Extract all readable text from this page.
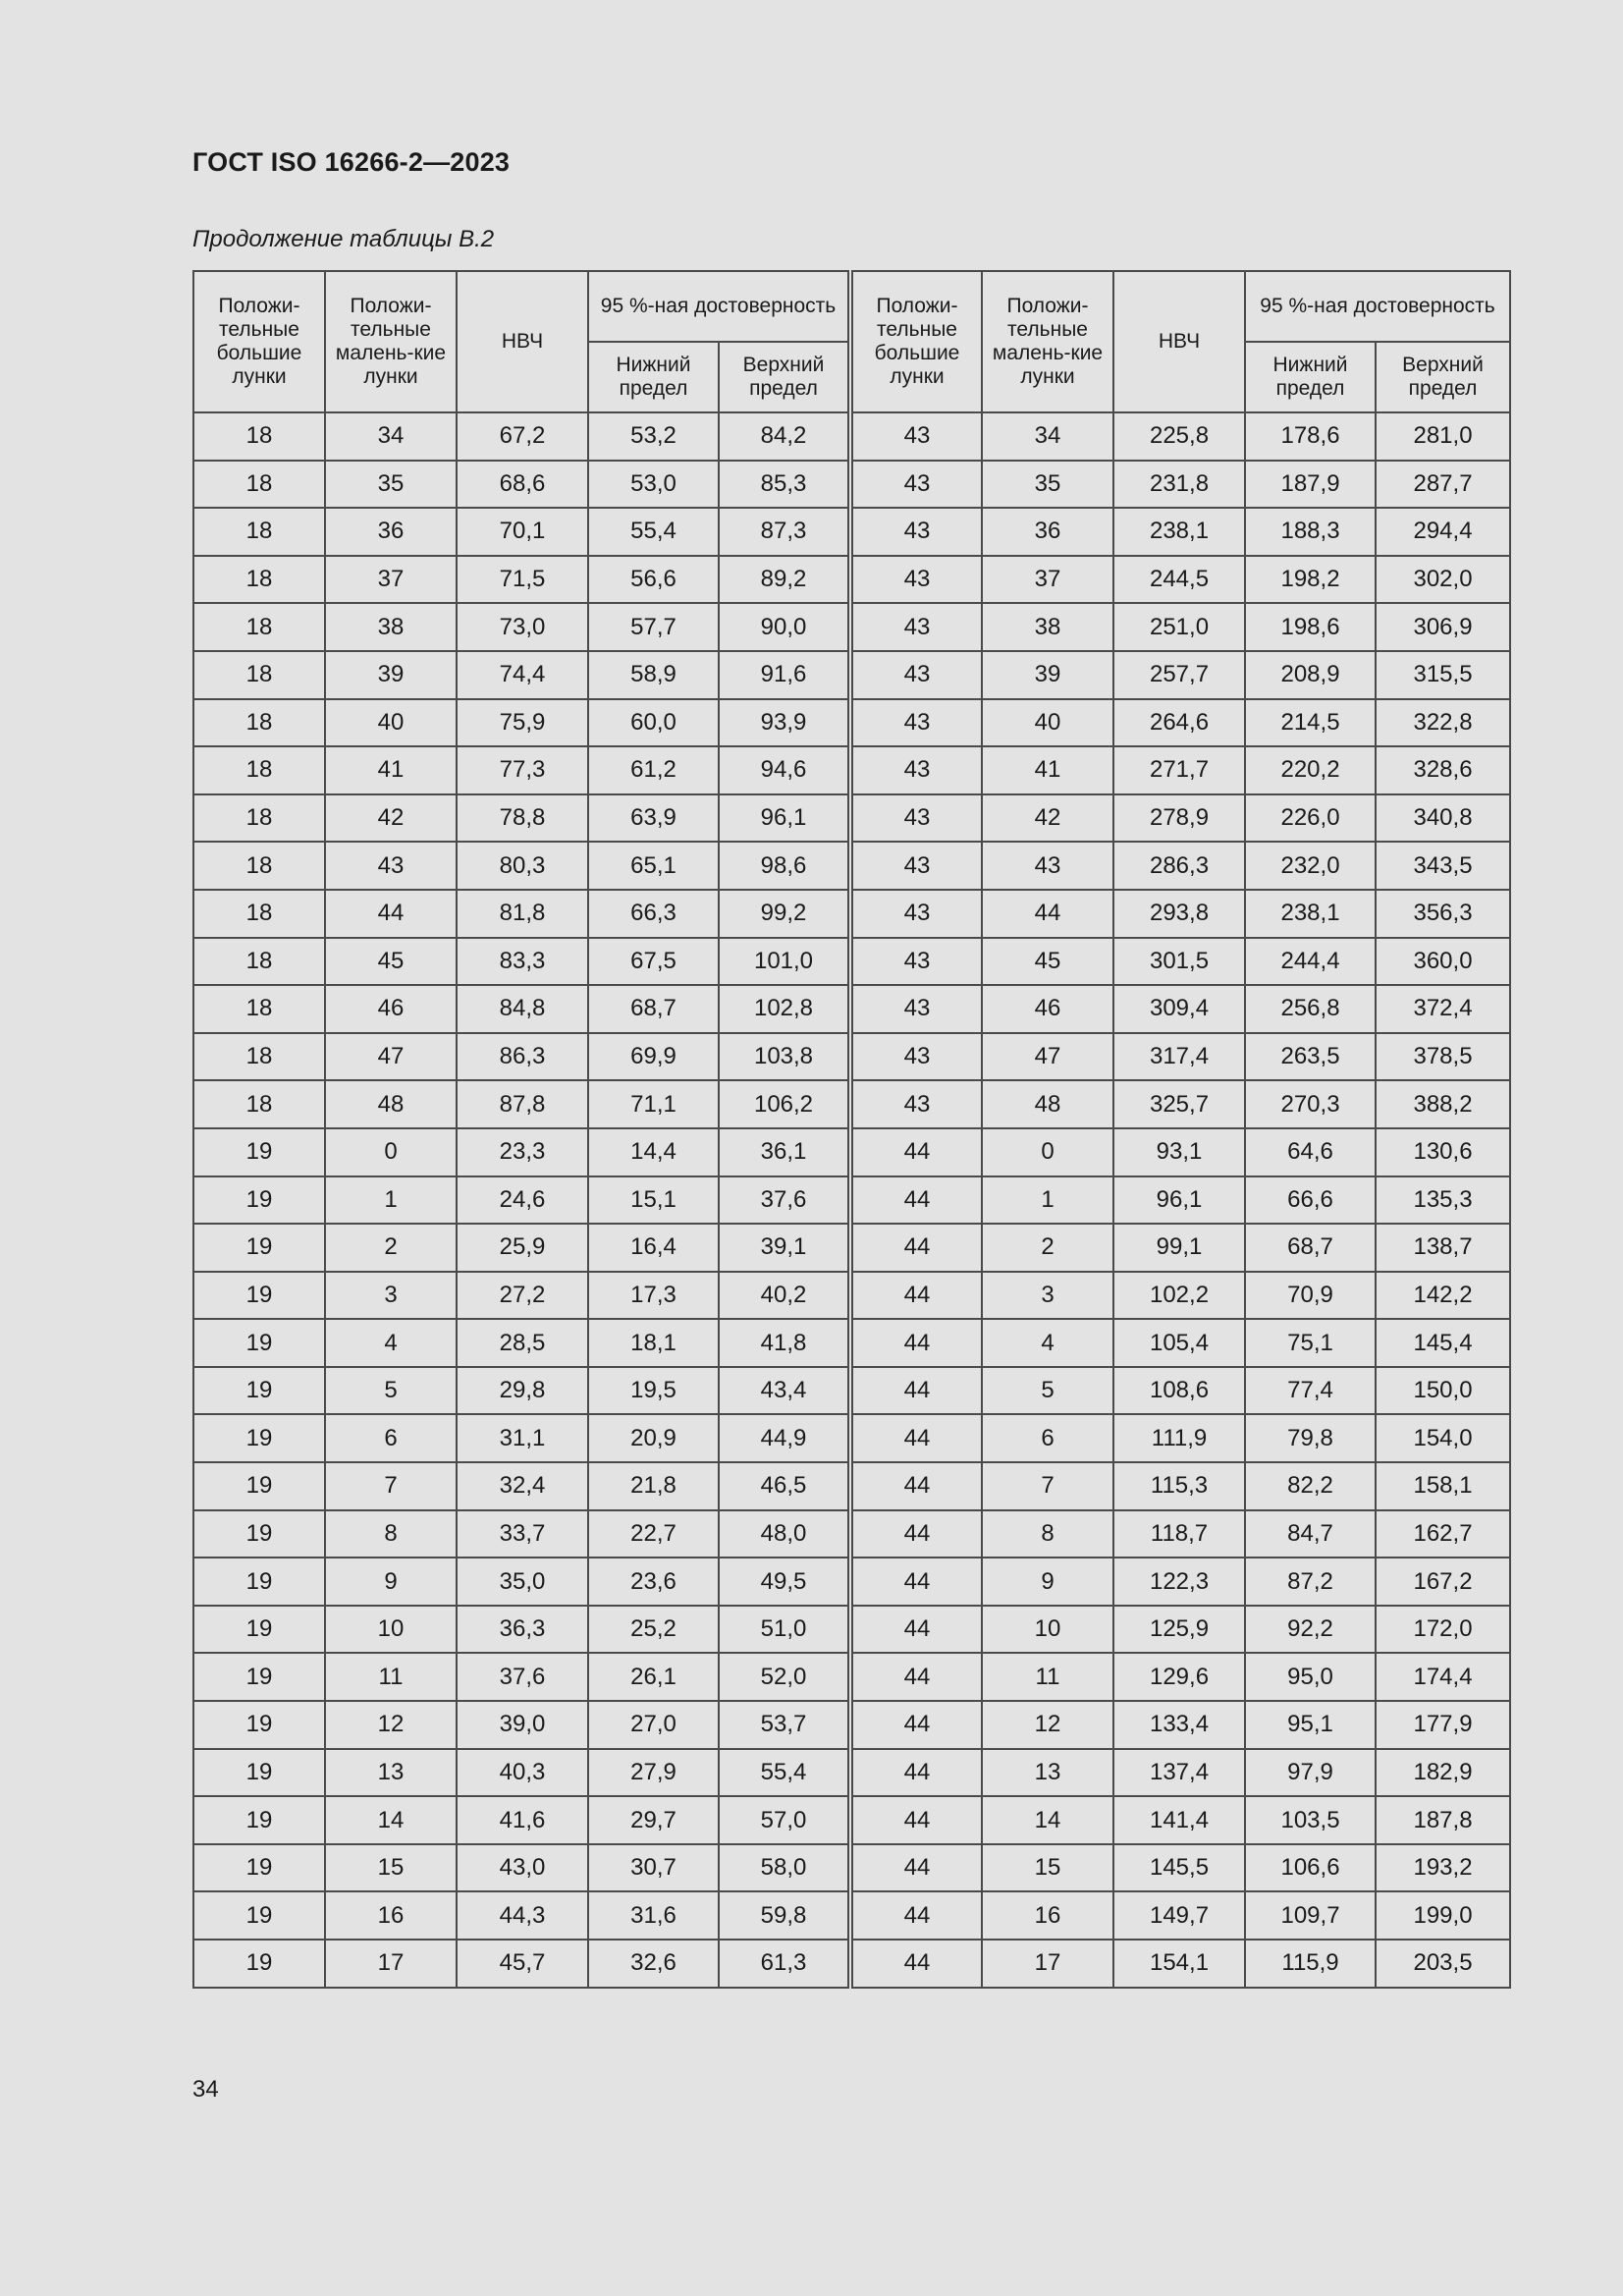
ГОСТ ISO 16266-2—2023
Продолжение таблицы В.2
Положи-тельные большие лунки	Положи-тельные малень-кие лунки	НВЧ	95 %-ная достоверность		Положи-тельные большие лунки	Положи-тельные малень-кие лунки	НВЧ	95 %-ная достоверность	
			Нижний предел	Верхний предел				Нижний предел	Верхний предел
18	34	67,2	53,2	84,2	43	34	225,8	178,6	281,0
18	35	68,6	53,0	85,3	43	35	231,8	187,9	287,7
18	36	70,1	55,4	87,3	43	36	238,1	188,3	294,4
18	37	71,5	56,6	89,2	43	37	244,5	198,2	302,0
18	38	73,0	57,7	90,0	43	38	251,0	198,6	306,9
18	39	74,4	58,9	91,6	43	39	257,7	208,9	315,5
18	40	75,9	60,0	93,9	43	40	264,6	214,5	322,8
18	41	77,3	61,2	94,6	43	41	271,7	220,2	328,6
18	42	78,8	63,9	96,1	43	42	278,9	226,0	340,8
18	43	80,3	65,1	98,6	43	43	286,3	232,0	343,5
18	44	81,8	66,3	99,2	43	44	293,8	238,1	356,3
18	45	83,3	67,5	101,0	43	45	301,5	244,4	360,0
18	46	84,8	68,7	102,8	43	46	309,4	256,8	372,4
18	47	86,3	69,9	103,8	43	47	317,4	263,5	378,5
18	48	87,8	71,1	106,2	43	48	325,7	270,3	388,2
19	0	23,3	14,4	36,1	44	0	93,1	64,6	130,6
19	1	24,6	15,1	37,6	44	1	96,1	66,6	135,3
19	2	25,9	16,4	39,1	44	2	99,1	68,7	138,7
19	3	27,2	17,3	40,2	44	3	102,2	70,9	142,2
19	4	28,5	18,1	41,8	44	4	105,4	75,1	145,4
19	5	29,8	19,5	43,4	44	5	108,6	77,4	150,0
19	6	31,1	20,9	44,9	44	6	111,9	79,8	154,0
19	7	32,4	21,8	46,5	44	7	115,3	82,2	158,1
19	8	33,7	22,7	48,0	44	8	118,7	84,7	162,7
19	9	35,0	23,6	49,5	44	9	122,3	87,2	167,2
19	10	36,3	25,2	51,0	44	10	125,9	92,2	172,0
19	11	37,6	26,1	52,0	44	11	129,6	95,0	174,4
19	12	39,0	27,0	53,7	44	12	133,4	95,1	177,9
19	13	40,3	27,9	55,4	44	13	137,4	97,9	182,9
19	14	41,6	29,7	57,0	44	14	141,4	103,5	187,8
19	15	43,0	30,7	58,0	44	15	145,5	106,6	193,2
19	16	44,3	31,6	59,8	44	16	149,7	109,7	199,0
19	17	45,7	32,6	61,3	44	17	154,1	115,9	203,5
34
